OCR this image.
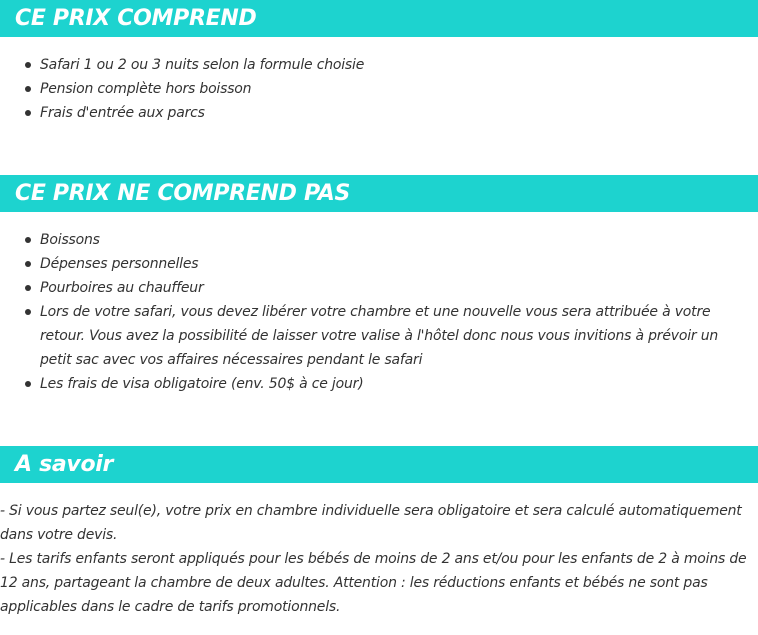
CE PRIX COMPREND
Safari 1 ou 2 ou 3 nuits selon la formule choisie
Pension complète hors boisson
Frais d'entrée aux parcs
CE PRIX NE COMPREND PAS
Boissons
Dépenses personnelles
Pourboires au chauffeur
Lors de votre safari, vous devez libérer votre chambre et une nouvelle vous sera attribuée à votre retour. Vous avez la possibilité de laisser votre valise à l'hôtel donc nous vous invitions à prévoir un petit sac avec vos affaires nécessaires pendant le safari
Les frais de visa obligatoire (env. 50$ à ce jour)
A savoir

- Si vous partez seul(e), votre prix en chambre individuelle sera obligatoire et sera calculé automatiquement dans votre devis.

- Les tarifs enfants seront appliqués pour les bébés de moins de 2 ans et/ou pour les enfants de 2 à moins de 12 ans, partageant la chambre de deux adultes. Attention : les réductions enfants et bébés ne sont pas applicables dans le cadre de tarifs promotionnels.
